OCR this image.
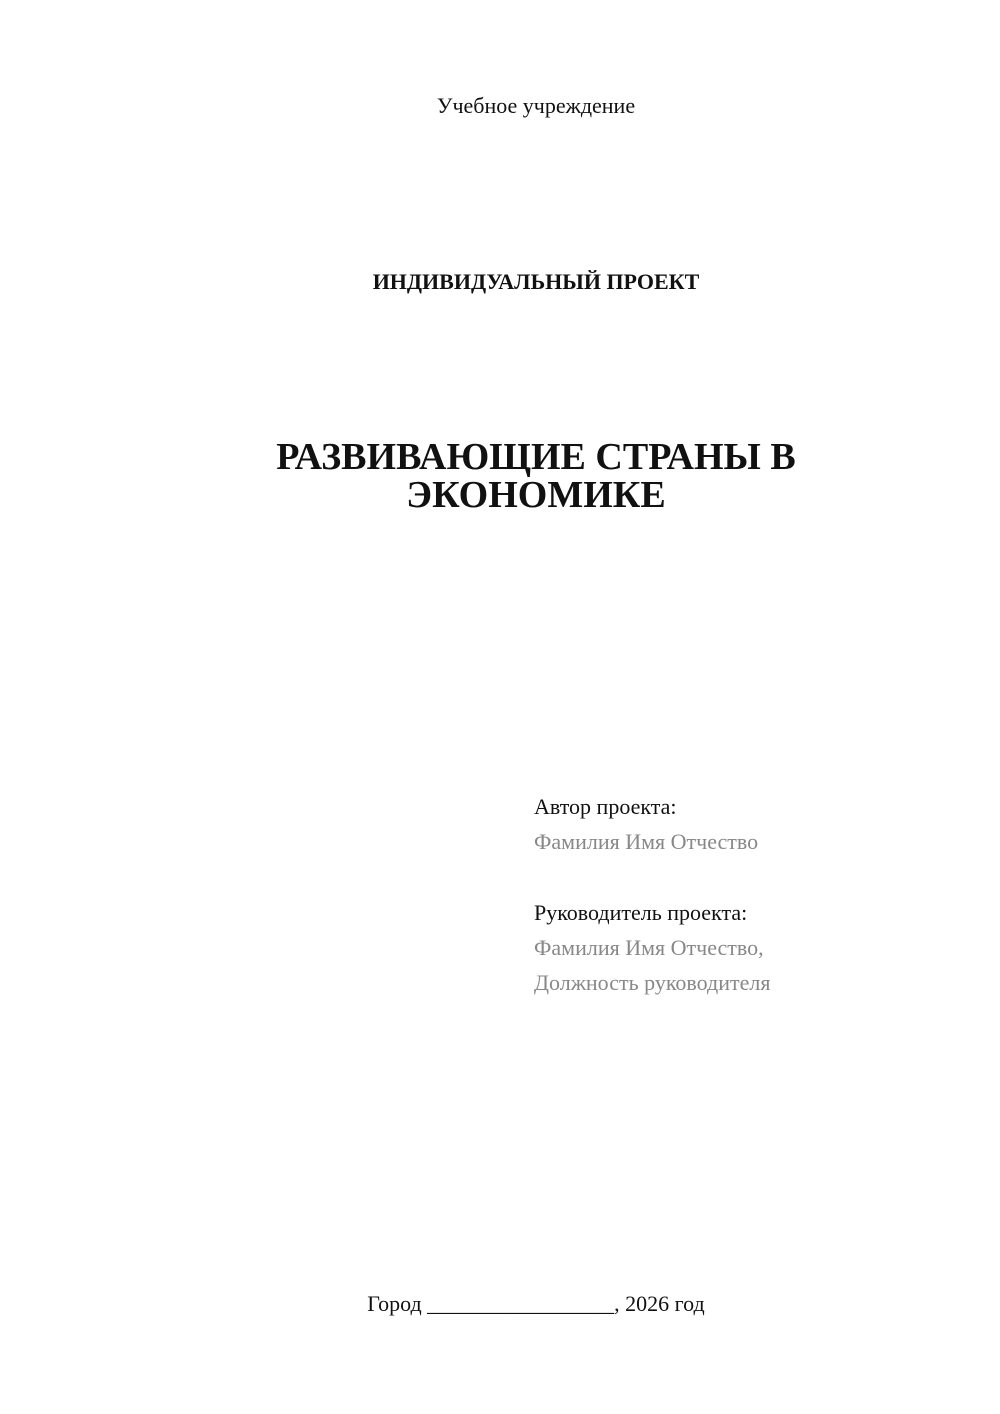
Учебное учреждение
ИНДИВИДУАЛЬНЫЙ ПРОЕКТ
РАЗВИВАЮЩИЕ СТРАНЫ В
ЭКОНОМИКЕ
Автор проекта:
Фамилия Имя Отчество
Руководитель проекта:
Фамилия Имя Отчество,
Должность руководителя
Город _________________, 2026 год
